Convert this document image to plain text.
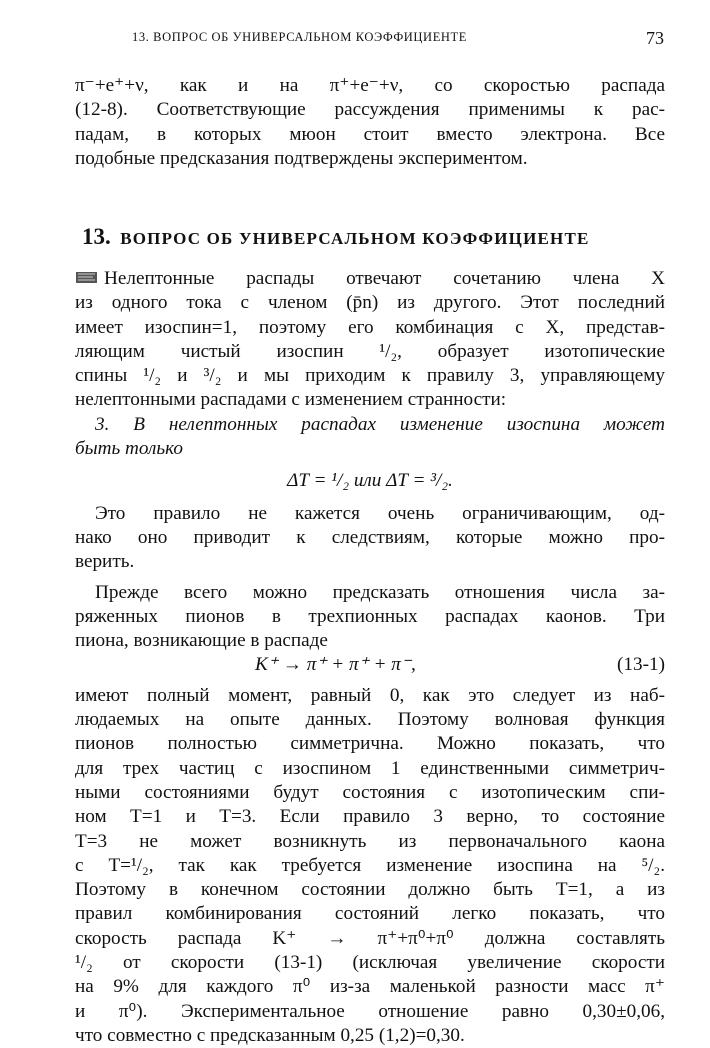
13. ВОПРОС ОБ УНИВЕРСАЛЬНОМ КОЭФФИЦИЕНТЕ	73
π⁻+e⁺+ν, как и на π⁺+e⁻+ν, со скоростью распада
(12-8). Соответствующие рассуждения применимы к рас-
падам, в которых мюон стоит вместо электрона. Все
подобные предсказания подтверждены экспериментом.
13. ВОПРОС ОБ УНИВЕРСАЛЬНОМ КОЭФФИЦИЕНТЕ
Нелептонные распады отвечают сочетанию члена X
из одного тока с членом (p̄n) из другого. Этот последний
имеет изоспин=1, поэтому его комбинация с X, представ-
ляющим чистый изоспин ¹/₂, образует изотопические
спины ¹/₂ и ³/₂ и мы приходим к правилу 3, управляющему
нелептонными распадами с изменением странности:
3. В нелептонных распадах изменение изоспина может
быть только
ΔT = ¹/₂ или ΔT = ³/₂.
Это правило не кажется очень ограничивающим, од-
нако оно приводит к следствиям, которые можно про-
верить.
Прежде всего можно предсказать отношения числа за-
ряженных пионов в трехпионных распадах каонов. Три
пиона, возникающие в распаде
K⁺ → π⁺ + π⁺ + π⁻,	(13-1)
имеют полный момент, равный 0, как это следует из наб-
людаемых на опыте данных. Поэтому волновая функция
пионов полностью симметрична. Можно показать, что
для трех частиц с изоспином 1 единственными симметрич-
ными состояниями будут состояния с изотопическим спи-
ном T=1 и T=3. Если правило 3 верно, то состояние
T=3 не может возникнуть из первоначального каона
с T=¹/₂, так как требуется изменение изоспина на ⁵/₂.
Поэтому в конечном состоянии должно быть T=1, а из
правил комбинирования состояний легко показать, что
скорость распада K⁺ → π⁺+π⁰+π⁰ должна составлять
¹/₂ от скорости (13-1) (исключая увеличение скорости
на 9% для каждого π⁰ из-за маленькой разности масс π⁺
и π⁰). Экспериментальное отношение равно 0,30±0,06,
что совместно с предсказанным 0,25 (1,2)=0,30.
